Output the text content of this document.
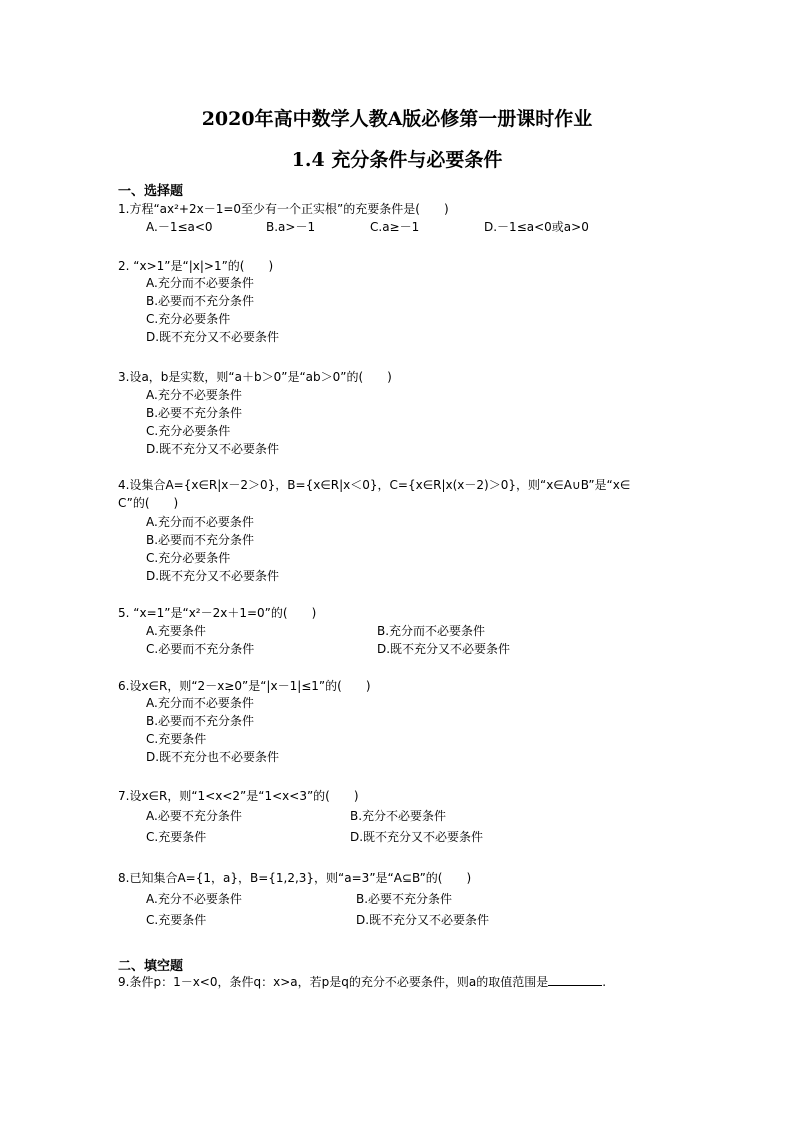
2020年高中数学人教A版必修第一册课时作业
1.4 充分条件与必要条件
一、选择题
1.方程“ax²+2x－1=0至少有一个正实根”的充要条件是(　　)
A.－1≤a<0	B.a>－1	C.a≥－1	D.－1≤a<0或a>0
2. “x>1”是“|x|>1”的(　　)
A.充分而不必要条件
B.必要而不充分条件
C.充分必要条件
D.既不充分又不必要条件
3.设a，b是实数，则“a＋b＞0”是“ab＞0”的(　　)
A.充分不必要条件
B.必要不充分条件
C.充分必要条件
D.既不充分又不必要条件
4.设集合A={x∈R|x－2＞0}，B={x∈R|x＜0}，C={x∈R|x(x－2)＞0}，则“x∈A∪B”是“x∈
C”的(　　)
A.充分而不必要条件
B.必要而不充分条件
C.充分必要条件
D.既不充分又不必要条件
5. “x=1”是“x²－2x＋1=0”的(　　)
A.充要条件	B.充分而不必要条件
C.必要而不充分条件	D.既不充分又不必要条件
6.设x∈R，则“2－x≥0”是“|x－1|≤1”的(　　)
A.充分而不必要条件
B.必要而不充分条件
C.充要条件
D.既不充分也不必要条件
7.设x∈R，则“1<x<2”是“1<x<3”的(　　)
A.必要不充分条件	B.充分不必要条件
C.充要条件	D.既不充分又不必要条件
8.已知集合A={1，a}，B={1,2,3}，则“a=3”是“A⊆B”的(　　)
A.充分不必要条件	B.必要不充分条件
C.充要条件	D.既不充分又不必要条件
二、填空题
9.条件p：1－x<0，条件q：x>a，若p是q的充分不必要条件，则a的取值范围是	.
